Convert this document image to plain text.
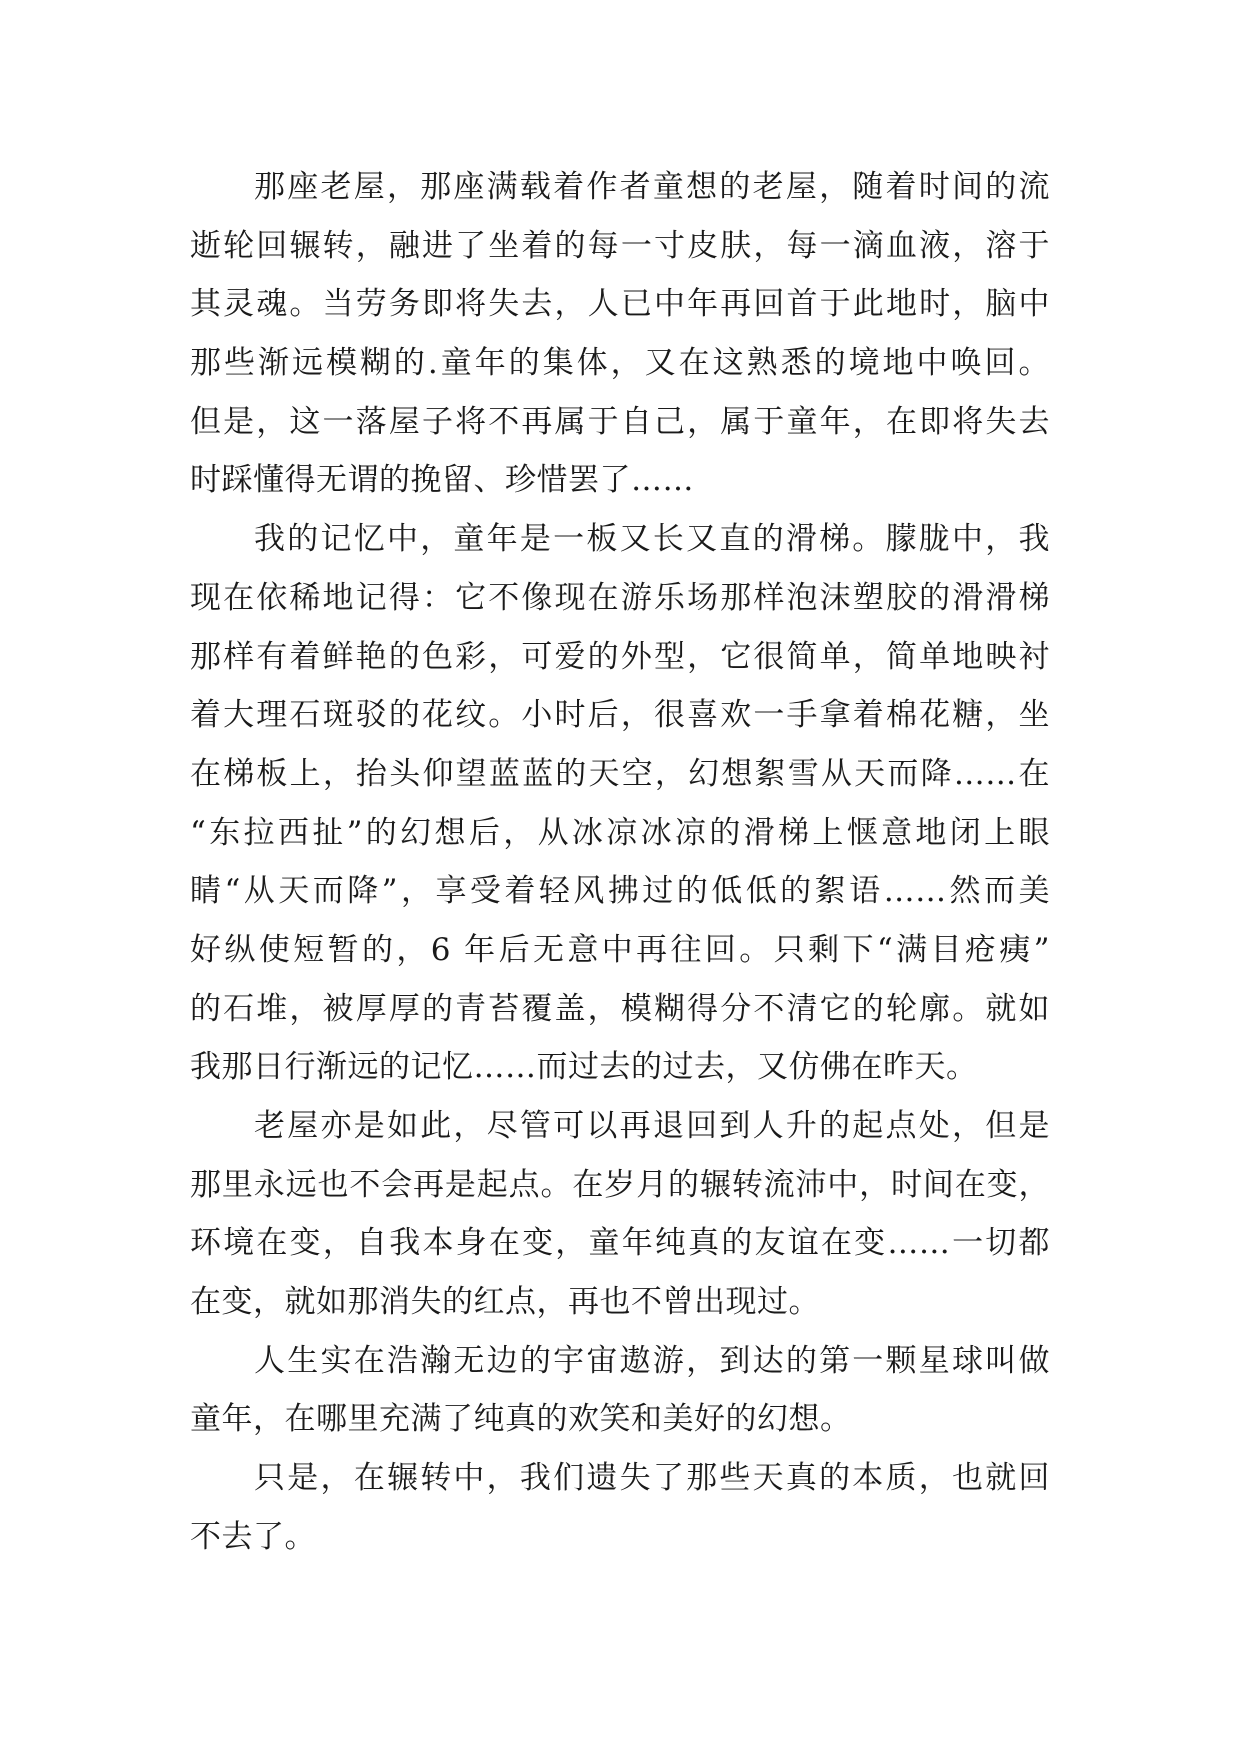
那座老屋，那座满载着作者童想的老屋，随着时间的流
逝轮回辗转，融进了坐着的每一寸皮肤，每一滴血液，溶于
其灵魂。当劳务即将失去，人已中年再回首于此地时，脑中
那些渐远模糊的.童年的集体，又在这熟悉的境地中唤回。
但是，这一落屋子将不再属于自己，属于童年，在即将失去
时踩懂得无谓的挽留、珍惜罢了……
我的记忆中，童年是一板又长又直的滑梯。朦胧中，我
现在依稀地记得：它不像现在游乐场那样泡沫塑胶的滑滑梯
那样有着鲜艳的色彩，可爱的外型，它很简单，简单地映衬
着大理石斑驳的花纹。小时后，很喜欢一手拿着棉花糖，坐
在梯板上，抬头仰望蓝蓝的天空，幻想絮雪从天而降……在
“东拉西扯”的幻想后，从冰凉冰凉的滑梯上惬意地闭上眼
睛“从天而降”，享受着轻风拂过的低低的絮语……然而美
好纵使短暂的，6 年后无意中再往回。只剩下“满目疮痍”
的石堆，被厚厚的青苔覆盖，模糊得分不清它的轮廓。就如
我那日行渐远的记忆……而过去的过去，又仿佛在昨天。
老屋亦是如此，尽管可以再退回到人升的起点处，但是
那里永远也不会再是起点。在岁月的辗转流沛中，时间在变，
环境在变，自我本身在变，童年纯真的友谊在变……一切都
在变，就如那消失的红点，再也不曾出现过。
人生实在浩瀚无边的宇宙遨游，到达的第一颗星球叫做
童年，在哪里充满了纯真的欢笑和美好的幻想。
只是，在辗转中，我们遗失了那些天真的本质，也就回
不去了。
